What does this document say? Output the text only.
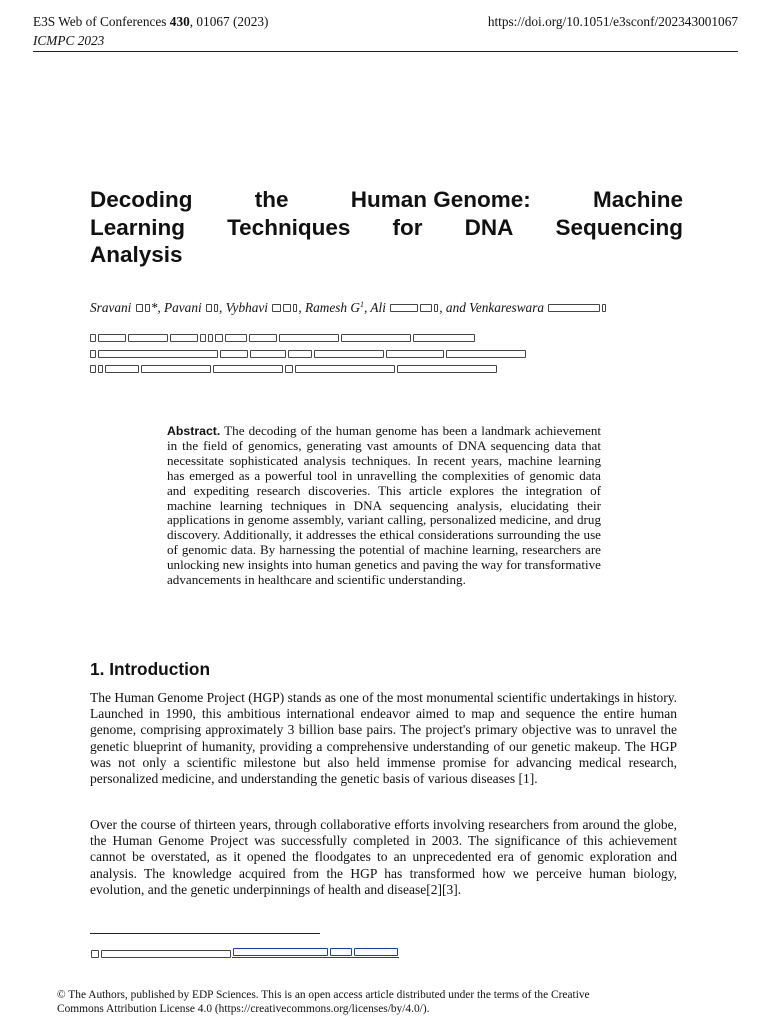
E3S Web of Conferences 430, 01067 (2023)
ICMPC 2023
https://doi.org/10.1051/e3sconf/202343001067
Decoding	the	Human Genome:	Machine
Learning Techniques for DNA Sequencing
Analysis
Sravani *, Pavani , Vybhavi , Ramesh $G^1$, Ali	, and Venkareswara
Abstract. The decoding of the human genome has been a landmark achievement in the field of genomics, generating vast amounts of DNA sequencing data that necessitate sophisticated analysis techniques. In recent years, machine learning has emerged as a powerful tool in unravelling the complexities of genomic data and expediting research discoveries. This article explores the integration of machine learning techniques in DNA sequencing analysis, elucidating their applications in genome assembly, variant calling, personalized medicine, and drug discovery. Additionally, it addresses the ethical considerations surrounding the use of genomic data. By harnessing the potential of machine learning, researchers are unlocking new insights into human genetics and paving the way for transformative advancements in healthcare and scientific understanding.
1. Introduction

The Human Genome Project (HGP) stands as one of the most monumental scientific undertakings in history. Launched in 1990, this ambitious international endeavor aimed to map and sequence the entire human genome, comprising approximately 3 billion base pairs. The project's primary objective was to unravel the genetic blueprint of humanity, providing a comprehensive understanding of our genetic makeup. The HGP was not only a scientific milestone but also held immense promise for advancing medical research, personalized medicine, and understanding the genetic basis of various diseases [1].

Over the course of thirteen years, through collaborative efforts involving researchers from around the globe, the Human Genome Project was successfully completed in 2003. The significance of this achievement cannot be overstated, as it opened the floodgates to an unprecedented era of genomic exploration and analysis. The knowledge acquired from the HGP has transformed how we perceive human biology, evolution, and the genetic underpinnings of health and disease[2][3].

© The Authors, published by EDP Sciences. This is an open access article distributed under the terms of the Creative
Commons Attribution License 4.0 (https://creativecommons.org/licenses/by/4.0/).
